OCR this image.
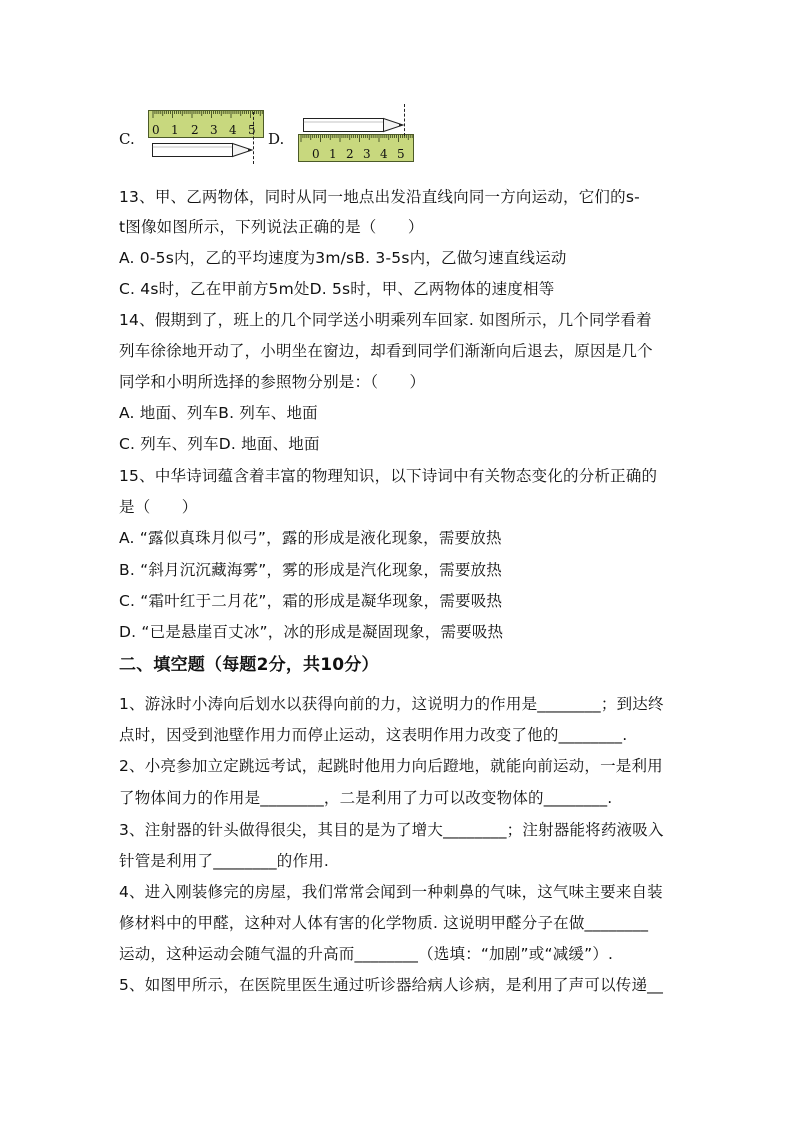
C. 0 1 2 3 4 5 D.
0 1 2 3 4 5
13、甲、乙两物体，同时从同一地点出发沿直线向同一方向运动，它们的s-
t图像如图所示，下列说法正确的是（　　）
A. 0-5s内，乙的平均速度为3m/sB. 3-5s内，乙做匀速直线运动
C. 4s时，乙在甲前方5m处D. 5s时，甲、乙两物体的速度相等
14、假期到了，班上的几个同学送小明乘列车回家. 如图所示，几个同学看着
列车徐徐地开动了，小明坐在窗边，却看到同学们渐渐向后退去，原因是几个
同学和小明所选择的参照物分别是：（　　）
A. 地面、列车B. 列车、地面
C. 列车、列车D. 地面、地面
15、中华诗词蕴含着丰富的物理知识，以下诗词中有关物态变化的分析正确的
是（　　）
A. “露似真珠月似弓”，露的形成是液化现象，需要放热
B. “斜月沉沉藏海雾”，雾的形成是汽化现象，需要放热
C. “霜叶红于二月花”，霜的形成是凝华现象，需要吸热
D. “已是悬崖百丈冰”，冰的形成是凝固现象，需要吸热
二、填空题（每题2分，共10分）
1、游泳时小涛向后划水以获得向前的力，这说明力的作用是________；到达终
点时，因受到池壁作用力而停止运动，这表明作用力改变了他的________.
2、小亮参加立定跳远考试，起跳时他用力向后蹬地，就能向前运动，一是利用
了物体间力的作用是________，二是利用了力可以改变物体的________.
3、注射器的针头做得很尖，其目的是为了增大________；注射器能将药液吸入
针管是利用了________的作用.
4、进入刚装修完的房屋，我们常常会闻到一种刺鼻的气味，这气味主要来自装
修材料中的甲醛，这种对人体有害的化学物质. 这说明甲醛分子在做________
运动，这种运动会随气温的升高而________（选填：“加剧”或“减缓”）.
5、如图甲所示，在医院里医生通过听诊器给病人诊病，是利用了声可以传递__
